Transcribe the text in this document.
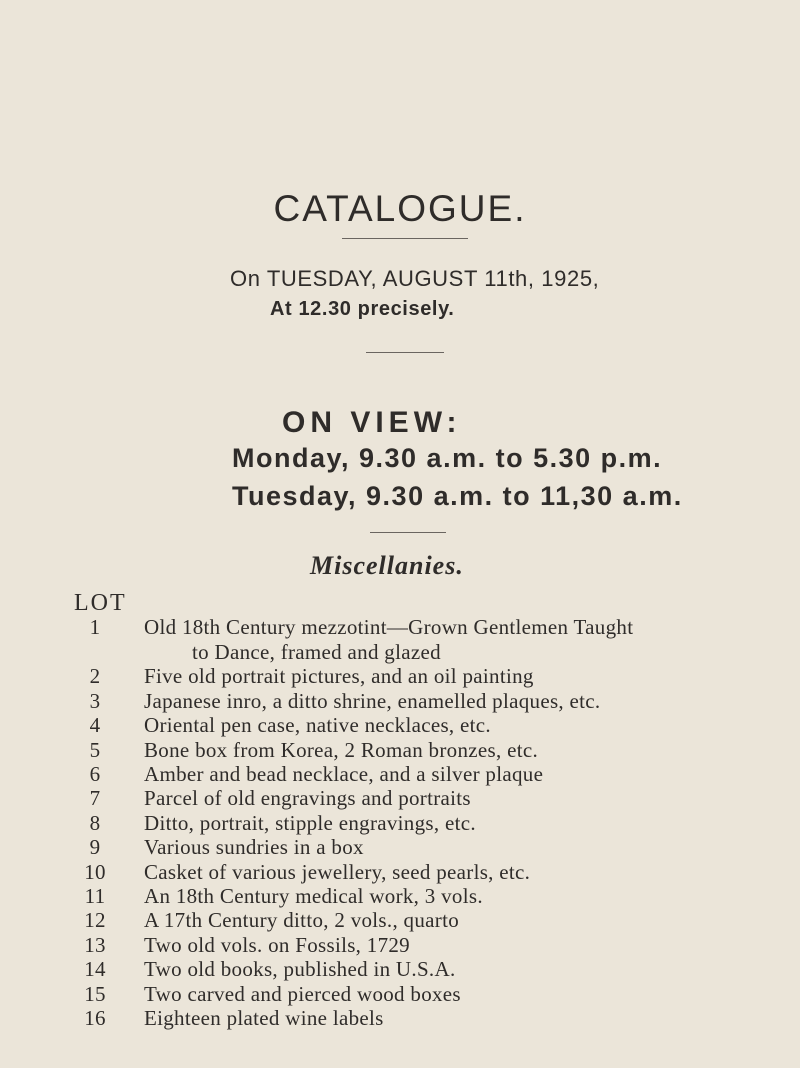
CATALOGUE.
On TUESDAY, AUGUST 11th, 1925,
At 12.30 precisely.
ON VIEW:
Monday, 9.30 a.m. to 5.30 p.m.
Tuesday, 9.30 a.m. to 11,30 a.m.
Miscellanies.
LOT
1	Old 18th Century mezzotint—Grown Gentlemen Taught
to Dance, framed and glazed
2	Five old portrait pictures, and an oil painting
3	Japanese inro, a ditto shrine, enamelled plaques, etc.
4	Oriental pen case, native necklaces, etc.
5	Bone box from Korea, 2 Roman bronzes, etc.
6	Amber and bead necklace, and a silver plaque
7	Parcel of old engravings and portraits
8	Ditto, portrait, stipple engravings, etc.
9	Various sundries in a box
10 Casket of various jewellery, seed pearls, etc.
11 An 18th Century medical work, 3 vols.
12 A 17th Century ditto, 2 vols., quarto
13 Two old vols. on Fossils, 1729
14 Two old books, published in U.S.A.
15 Two carved and pierced wood boxes
16 Eighteen plated wine labels
